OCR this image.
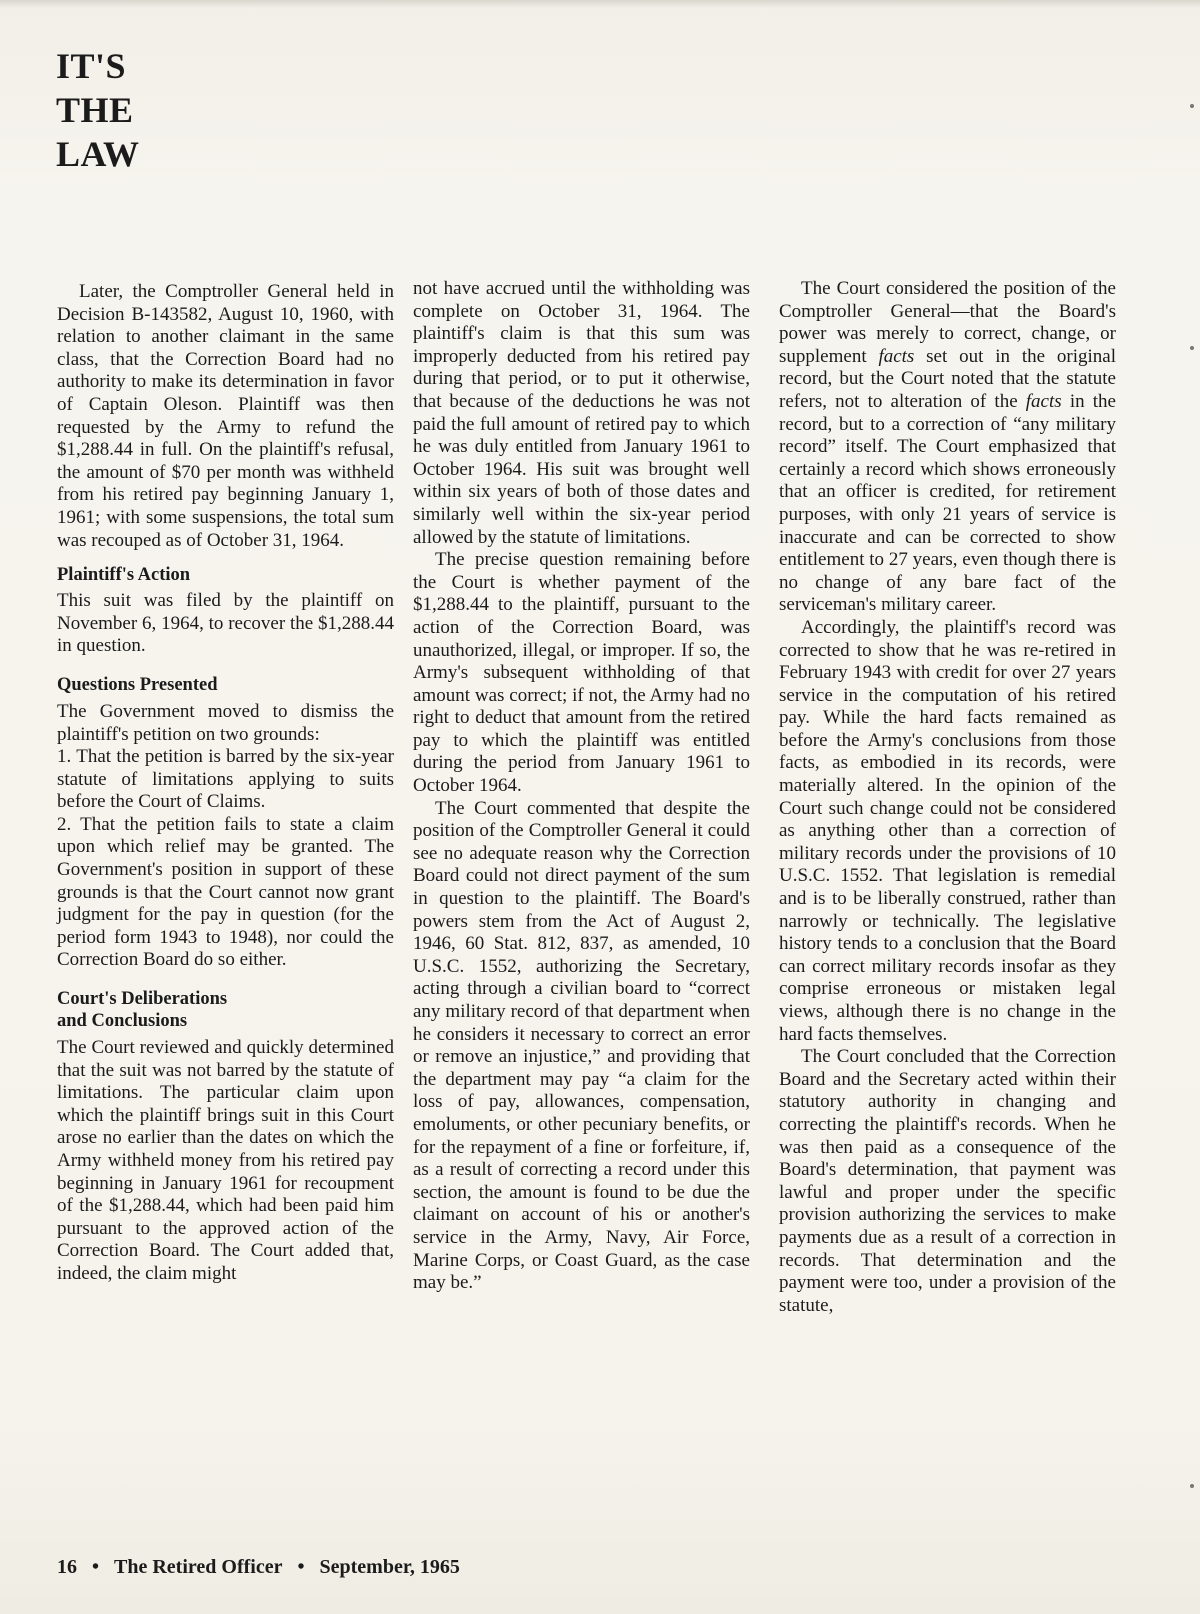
IT'S
THE
LAW

Later, the Comptroller General held in Decision B-143582, August 10, 1960, with relation to another claimant in the same class, that the Correction Board had no authority to make its determination in favor of Captain Oleson. Plaintiff was then requested by the Army to refund the $1,288.44 in full. On the plaintiff's refusal, the amount of $70 per month was withheld from his retired pay beginning January 1, 1961; with some suspensions, the total sum was recouped as of October 31, 1964.

Plaintiff's Action

This suit was filed by the plaintiff on November 6, 1964, to recover the $1,288.44 in question.

Questions Presented

The Government moved to dismiss the plaintiff's petition on two grounds:

1. That the petition is barred by the six-year statute of limitations applying to suits before the Court of Claims.

2. That the petition fails to state a claim upon which relief may be granted. The Government's position in support of these grounds is that the Court cannot now grant judgment for the pay in question (for the period form 1943 to 1948), nor could the Correction Board do so either.

Court's Deliberations
and Conclusions

The Court reviewed and quickly determined that the suit was not barred by the statute of limitations. The particular claim upon which the plaintiff brings suit in this Court arose no earlier than the dates on which the Army withheld money from his retired pay beginning in January 1961 for recoupment of the $1,288.44, which had been paid him pursuant to the approved action of the Correction Board. The Court added that, indeed, the claim might

not have accrued until the withholding was complete on October 31, 1964. The plaintiff's claim is that this sum was improperly deducted from his retired pay during that period, or to put it otherwise, that because of the deductions he was not paid the full amount of retired pay to which he was duly entitled from January 1961 to October 1964. His suit was brought well within six years of both of those dates and similarly well within the six-year period allowed by the statute of limitations.

The precise question remaining before the Court is whether payment of the $1,288.44 to the plaintiff, pursuant to the action of the Correction Board, was unauthorized, illegal, or improper. If so, the Army's subsequent withholding of that amount was correct; if not, the Army had no right to deduct that amount from the retired pay to which the plaintiff was entitled during the period from January 1961 to October 1964.

The Court commented that despite the position of the Comptroller General it could see no adequate reason why the Correction Board could not direct payment of the sum in question to the plaintiff. The Board's powers stem from the Act of August 2, 1946, 60 Stat. 812, 837, as amended, 10 U.S.C. 1552, authorizing the Secretary, acting through a civilian board to “correct any military record of that department when he considers it necessary to correct an error or remove an injustice,” and providing that the department may pay “a claim for the loss of pay, allowances, compensation, emoluments, or other pecuniary benefits, or for the repayment of a fine or forfeiture, if, as a result of correcting a record under this section, the amount is found to be due the claimant on account of his or another's service in the Army, Navy, Air Force, Marine Corps, or Coast Guard, as the case may be.”

The Court considered the position of the Comptroller General—that the Board's power was merely to correct, change, or supplement facts set out in the original record, but the Court noted that the statute refers, not to alteration of the facts in the record, but to a correction of “any military record” itself. The Court emphasized that certainly a record which shows erroneously that an officer is credited, for retirement purposes, with only 21 years of service is inaccurate and can be corrected to show entitlement to 27 years, even though there is no change of any bare fact of the serviceman's military career.

Accordingly, the plaintiff's record was corrected to show that he was re-retired in February 1943 with credit for over 27 years service in the computation of his retired pay. While the hard facts remained as before the Army's conclusions from those facts, as embodied in its records, were materially altered. In the opinion of the Court such change could not be considered as anything other than a correction of military records under the provisions of 10 U.S.C. 1552. That legislation is remedial and is to be liberally construed, rather than narrowly or technically. The legislative history tends to a conclusion that the Board can correct military records insofar as they comprise erroneous or mistaken legal views, although there is no change in the hard facts themselves.

The Court concluded that the Correction Board and the Secretary acted within their statutory authority in changing and correcting the plaintiff's records. When he was then paid as a consequence of the Board's determination, that payment was lawful and proper under the specific provision authorizing the services to make payments due as a result of a correction in records. That determination and the payment were too, under a provision of the statute,

16 • The Retired Officer • September, 1965
